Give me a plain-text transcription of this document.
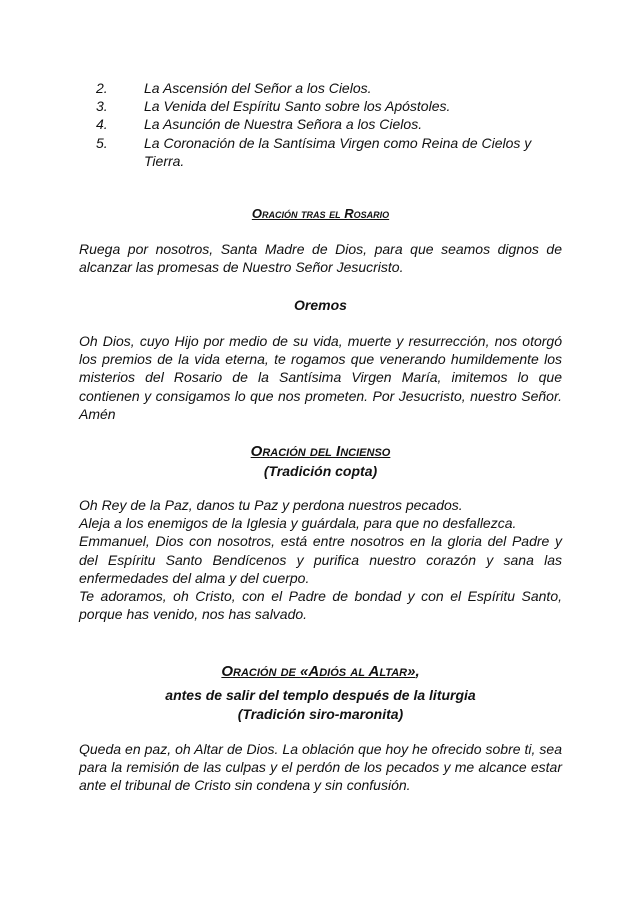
2.	La Ascensión del Señor a los Cielos.
3.	La Venida del Espíritu Santo sobre los Apóstoles.
4.	La Asunción de Nuestra Señora a los Cielos.
5.	La Coronación de la Santísima Virgen como Reina de Cielos y Tierra.
Oración tras el Rosario

Ruega por nosotros, Santa Madre de Dios, para que seamos dignos de alcanzar las promesas de Nuestro Señor Jesucristo.

Oremos

Oh Dios, cuyo Hijo por medio de su vida, muerte y resurrección, nos otorgó los premios de la vida eterna, te rogamos que venerando humildemente los misterios del Rosario de la Santísima Virgen María, imitemos lo que contienen y consigamos lo que nos prometen. Por Jesucristo, nuestro Señor. Amén

Oración del Incienso
(Tradición copta)

Oh Rey de la Paz, danos tu Paz y perdona nuestros pecados.

Aleja a los enemigos de la Iglesia y guárdala, para que no desfallezca.

Emmanuel, Dios con nosotros, está entre nosotros en la gloria del Padre y del Espíritu Santo Bendícenos y purifica nuestro corazón y sana las enfermedades del alma y del cuerpo.

Te adoramos, oh Cristo, con el Padre de bondad y con el Espíritu Santo, porque has venido, nos has salvado.

Oración de «Adiós al Altar»,
antes de salir del templo después de la liturgia
(Tradición siro-maronita)

Queda en paz, oh Altar de Dios. La oblación que hoy he ofrecido sobre ti, sea para la remisión de las culpas y el perdón de los pecados y me alcance estar ante el tribunal de Cristo sin condena y sin confusión.
